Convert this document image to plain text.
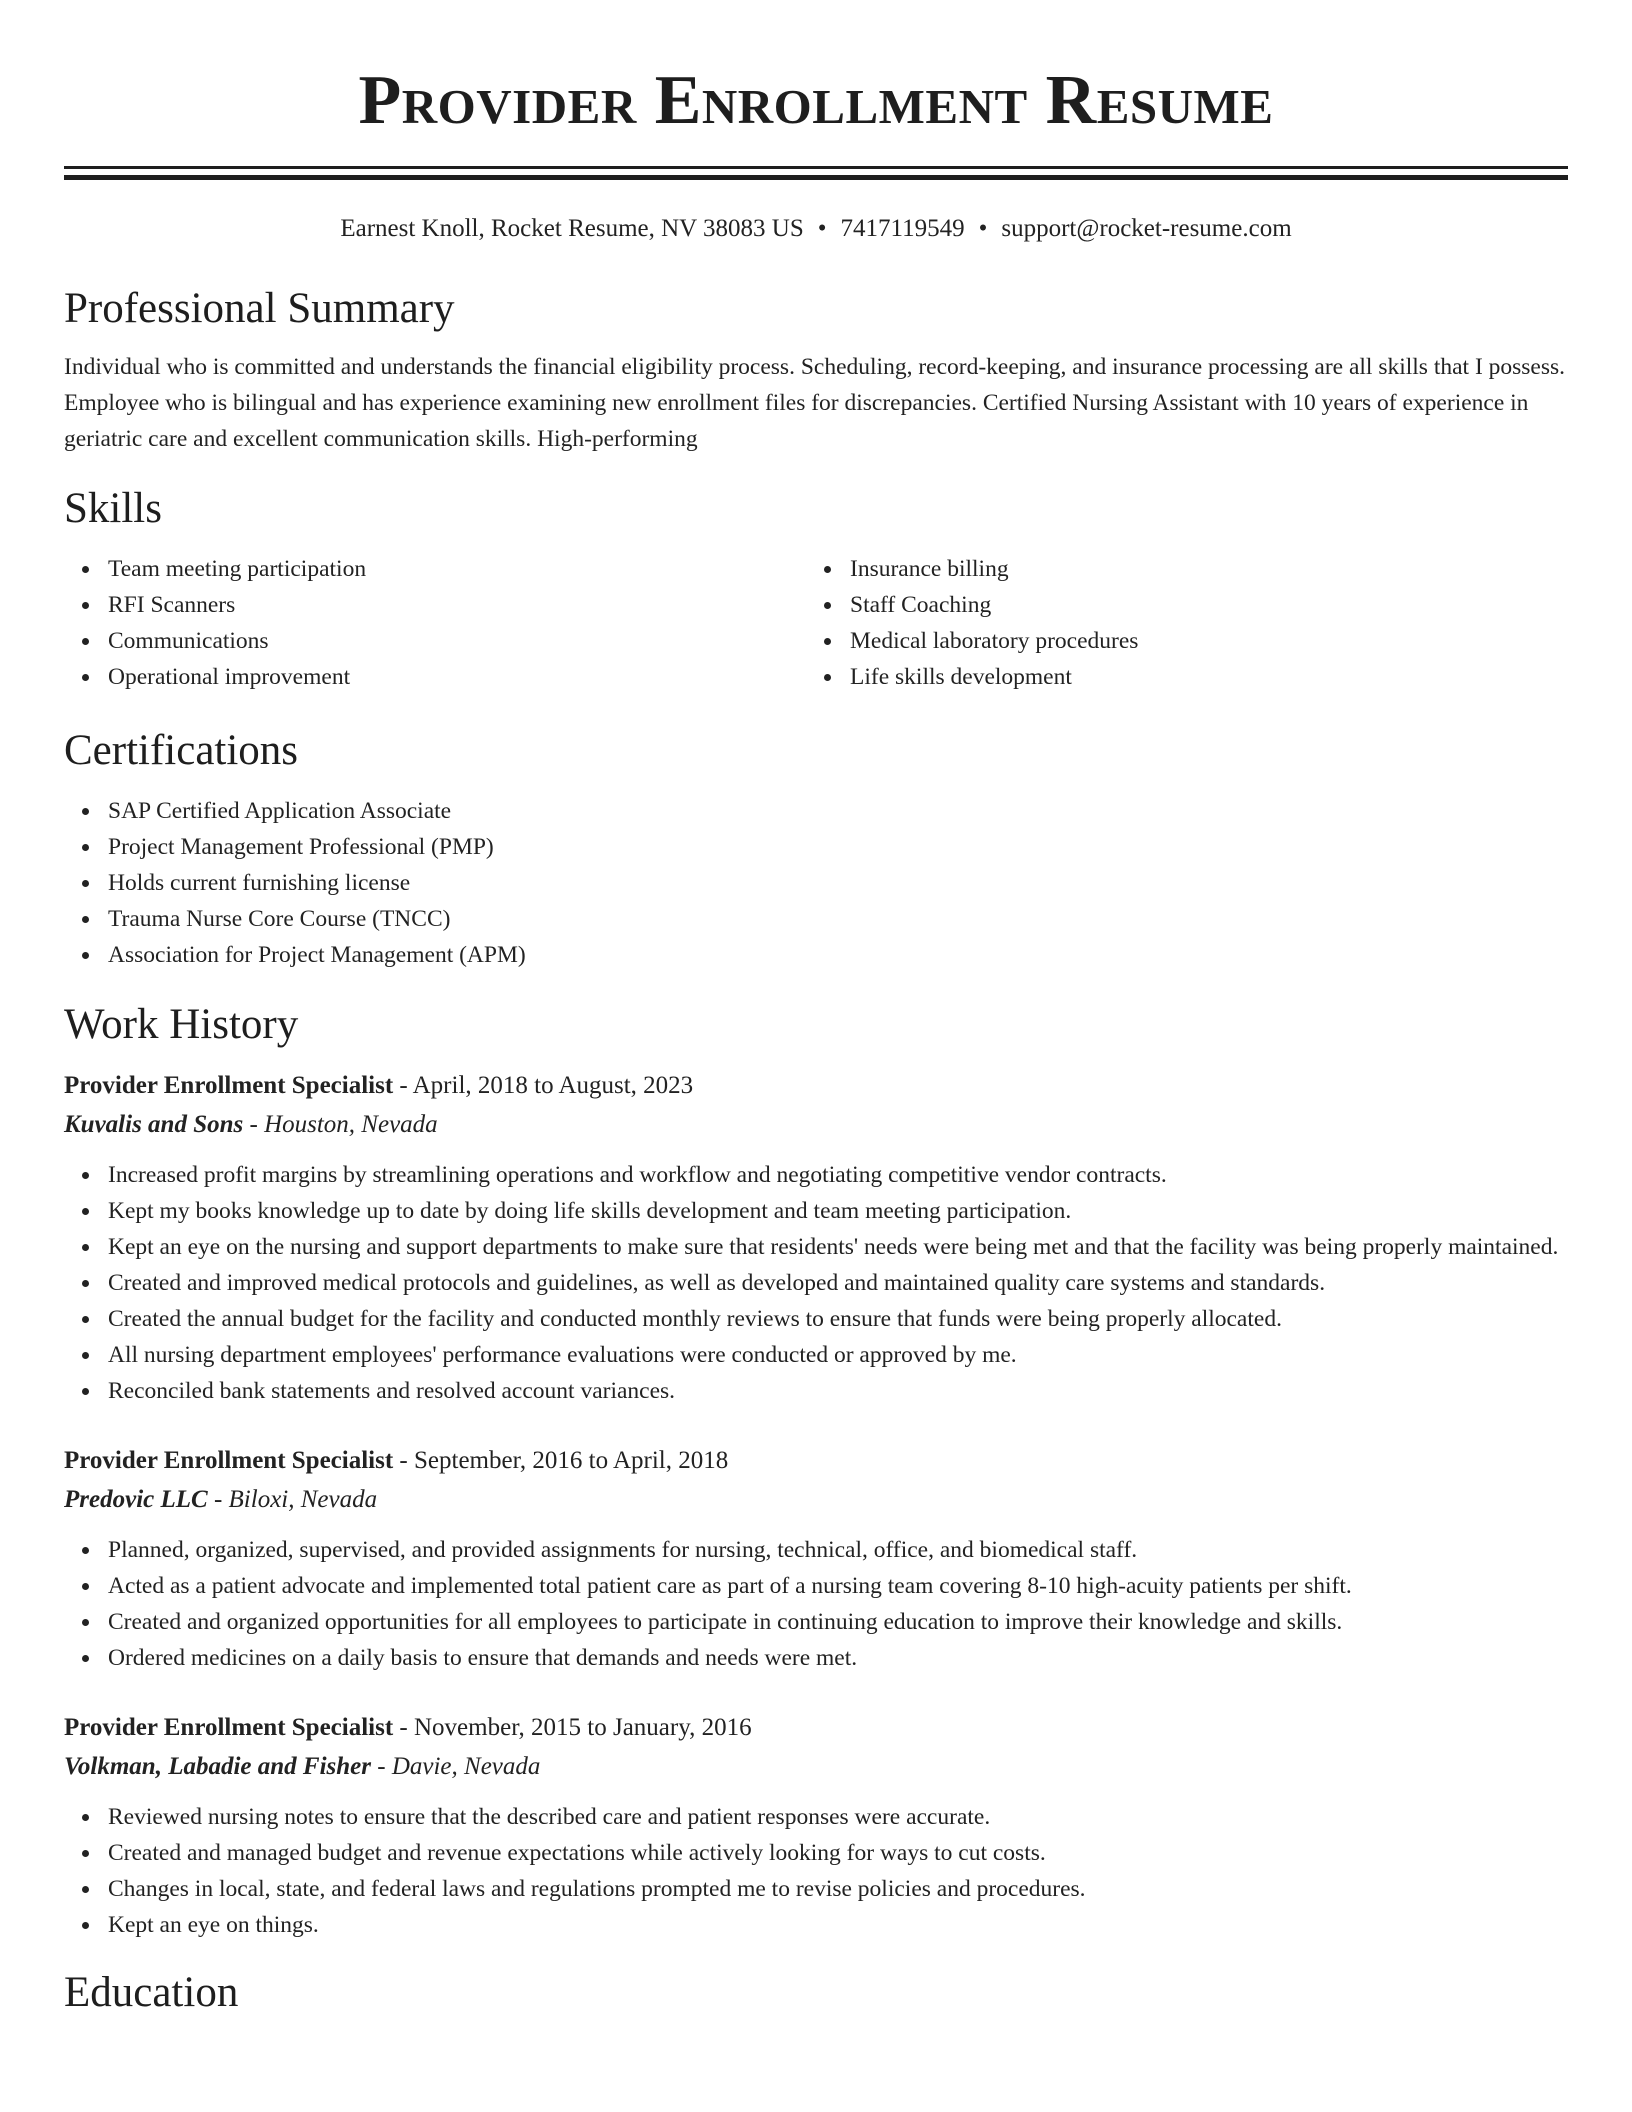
Provider Enrollment Resume
Earnest Knoll, Rocket Resume, NV 38083 US • 7417119549 • support@rocket-resume.com
Professional Summary

Individual who is committed and understands the financial eligibility process. Scheduling, record-keeping, and insurance processing are all skills that I possess. Employee who is bilingual and has experience examining new enrollment files for discrepancies. Certified Nursing Assistant with 10 years of experience in geriatric care and excellent communication skills. High-performing

Skills
Team meeting participation
RFI Scanners
Communications
Operational improvement
Insurance billing
Staff Coaching
Medical laboratory procedures
Life skills development
Certifications
SAP Certified Application Associate
Project Management Professional (PMP)
Holds current furnishing license
Trauma Nurse Core Course (TNCC)
Association for Project Management (APM)
Work History
Provider Enrollment Specialist - April, 2018 to August, 2023
Kuvalis and Sons - Houston, Nevada
Increased profit margins by streamlining operations and workflow and negotiating competitive vendor contracts.
Kept my books knowledge up to date by doing life skills development and team meeting participation.
Kept an eye on the nursing and support departments to make sure that residents' needs were being met and that the facility was being properly maintained.
Created and improved medical protocols and guidelines, as well as developed and maintained quality care systems and standards.
Created the annual budget for the facility and conducted monthly reviews to ensure that funds were being properly allocated.
All nursing department employees' performance evaluations were conducted or approved by me.
Reconciled bank statements and resolved account variances.
Provider Enrollment Specialist - September, 2016 to April, 2018
Predovic LLC - Biloxi, Nevada
Planned, organized, supervised, and provided assignments for nursing, technical, office, and biomedical staff.
Acted as a patient advocate and implemented total patient care as part of a nursing team covering 8-10 high-acuity patients per shift.
Created and organized opportunities for all employees to participate in continuing education to improve their knowledge and skills.
Ordered medicines on a daily basis to ensure that demands and needs were met.
Provider Enrollment Specialist - November, 2015 to January, 2016
Volkman, Labadie and Fisher - Davie, Nevada
Reviewed nursing notes to ensure that the described care and patient responses were accurate.
Created and managed budget and revenue expectations while actively looking for ways to cut costs.
Changes in local, state, and federal laws and regulations prompted me to revise policies and procedures.
Kept an eye on things.
Education
